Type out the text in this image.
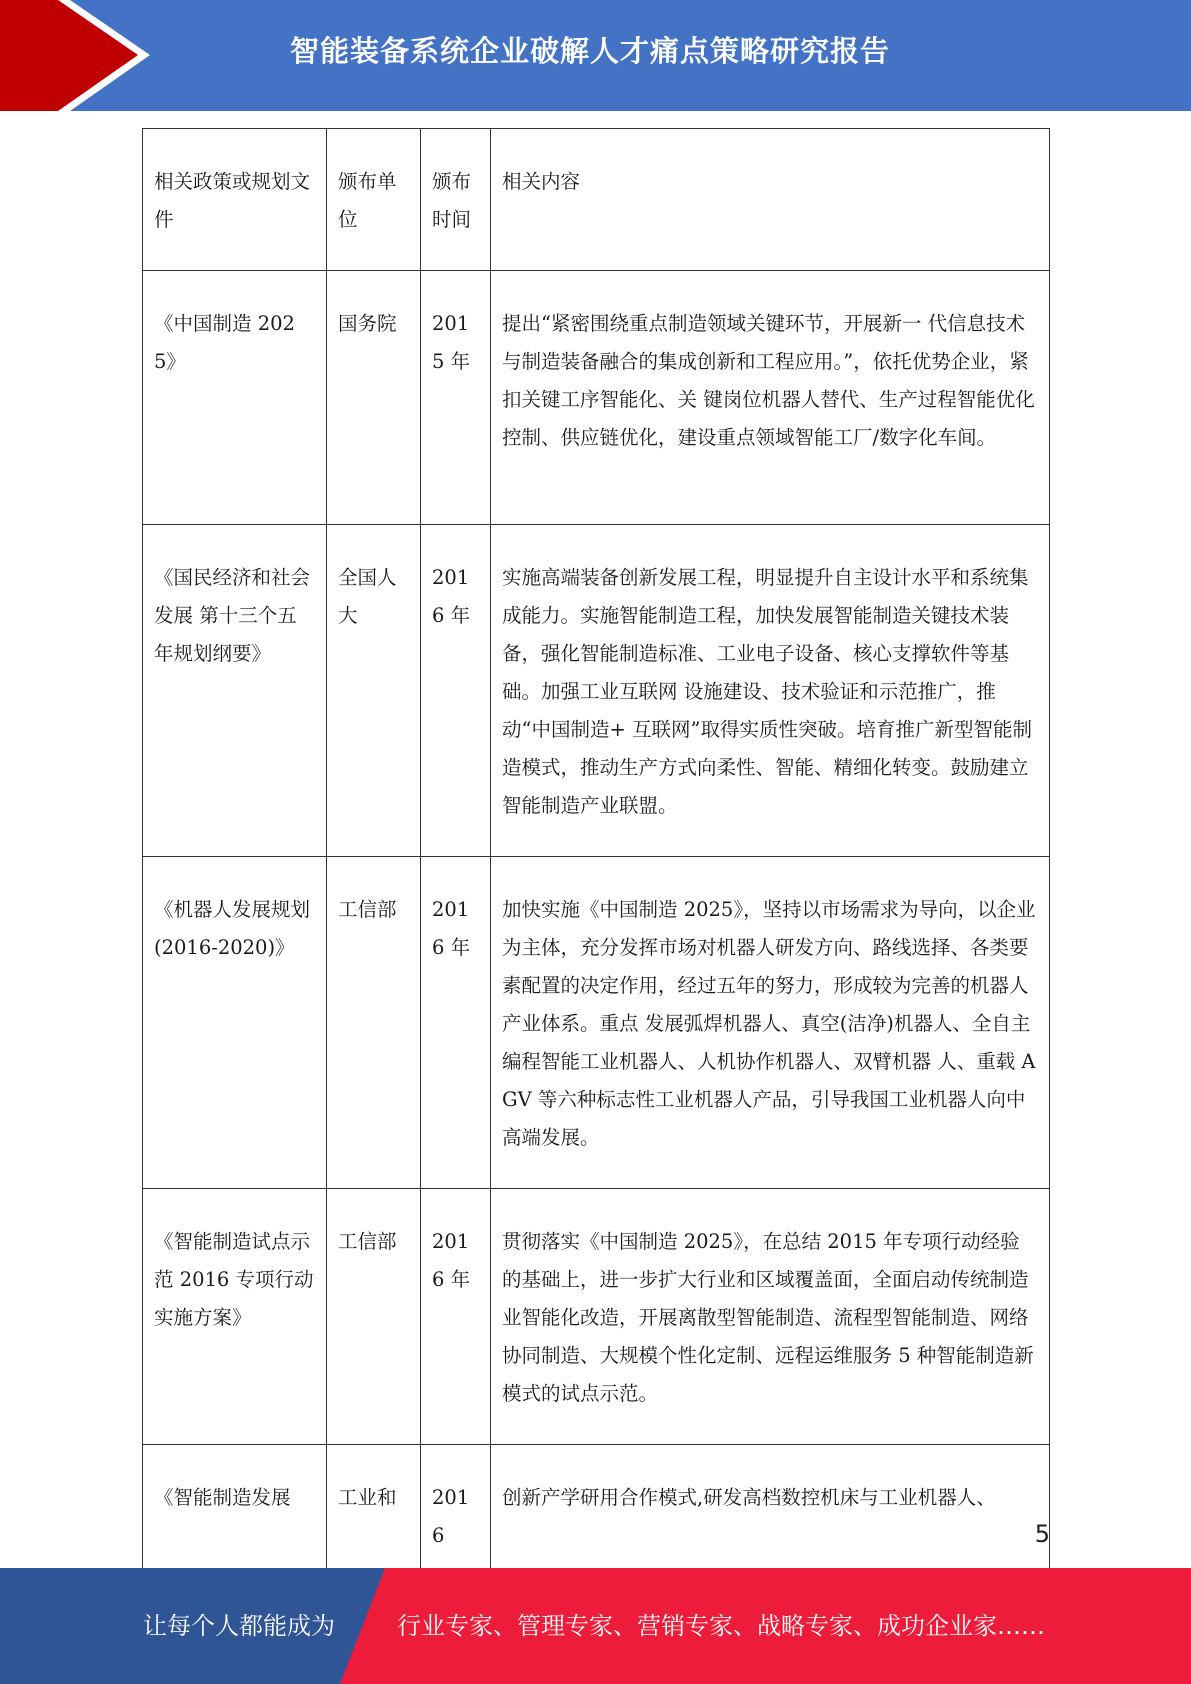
智能装备系统企业破解人才痛点策略研究报告
相关政策或规划文件	颁布单位	颁布时间	相关内容
《中国制造 2025》	国务院	2015 年	提出“紧密围绕重点制造领域关键环节，开展新一 代信息技术与制造装备融合的集成创新和工程应用。”，依托优势企业，紧扣关键工序智能化、关 键岗位机器人替代、生产过程智能优化控制、供应链优化，建设重点领域智能工厂/数字化车间。
《国民经济和社会发展 第十三个五年规划纲要》	全国人大	2016 年	实施高端装备创新发展工程，明显提升自主设计水平和系统集成能力。实施智能制造工程，加快发展智能制造关键技术装备，强化智能制造标准、工业电子设备、核心支撑软件等基础。加强工业互联网 设施建设、技术验证和示范推广，推动“中国制造+ 互联网”取得实质性突破。培育推广新型智能制造模式，推动生产方式向柔性、智能、精细化转变。鼓励建立智能制造产业联盟。
《机器人发展规划(2016-2020)》	工信部	2016 年	加快实施《中国制造 2025》，坚持以市场需求为导向，以企业为主体，充分发挥市场对机器人研发方向、路线选择、各类要素配置的决定作用，经过五年的努力，形成较为完善的机器人产业体系。重点 发展弧焊机器人、真空(洁净)机器人、全自主编程智能工业机器人、人机协作机器人、双臂机器 人、重载 AGV 等六种标志性工业机器人产品，引导我国工业机器人向中高端发展。
《智能制造试点示范 2016 专项行动实施方案》	工信部	2016 年	贯彻落实《中国制造 2025》，在总结 2015 年专项行动经验的基础上，进一步扩大行业和区域覆盖面，全面启动传统制造业智能化改造，开展离散型智能制造、流程型智能制造、网络协同制造、大规模个性化定制、远程运维服务 5 种智能制造新模式的试点示范。
《智能制造发展	工业和	2016	创新产学研用合作模式,研发高档数控机床与工业机器人、
5
让每个人都能成为	行业专家、管理专家、营销专家、战略专家、成功企业家……
